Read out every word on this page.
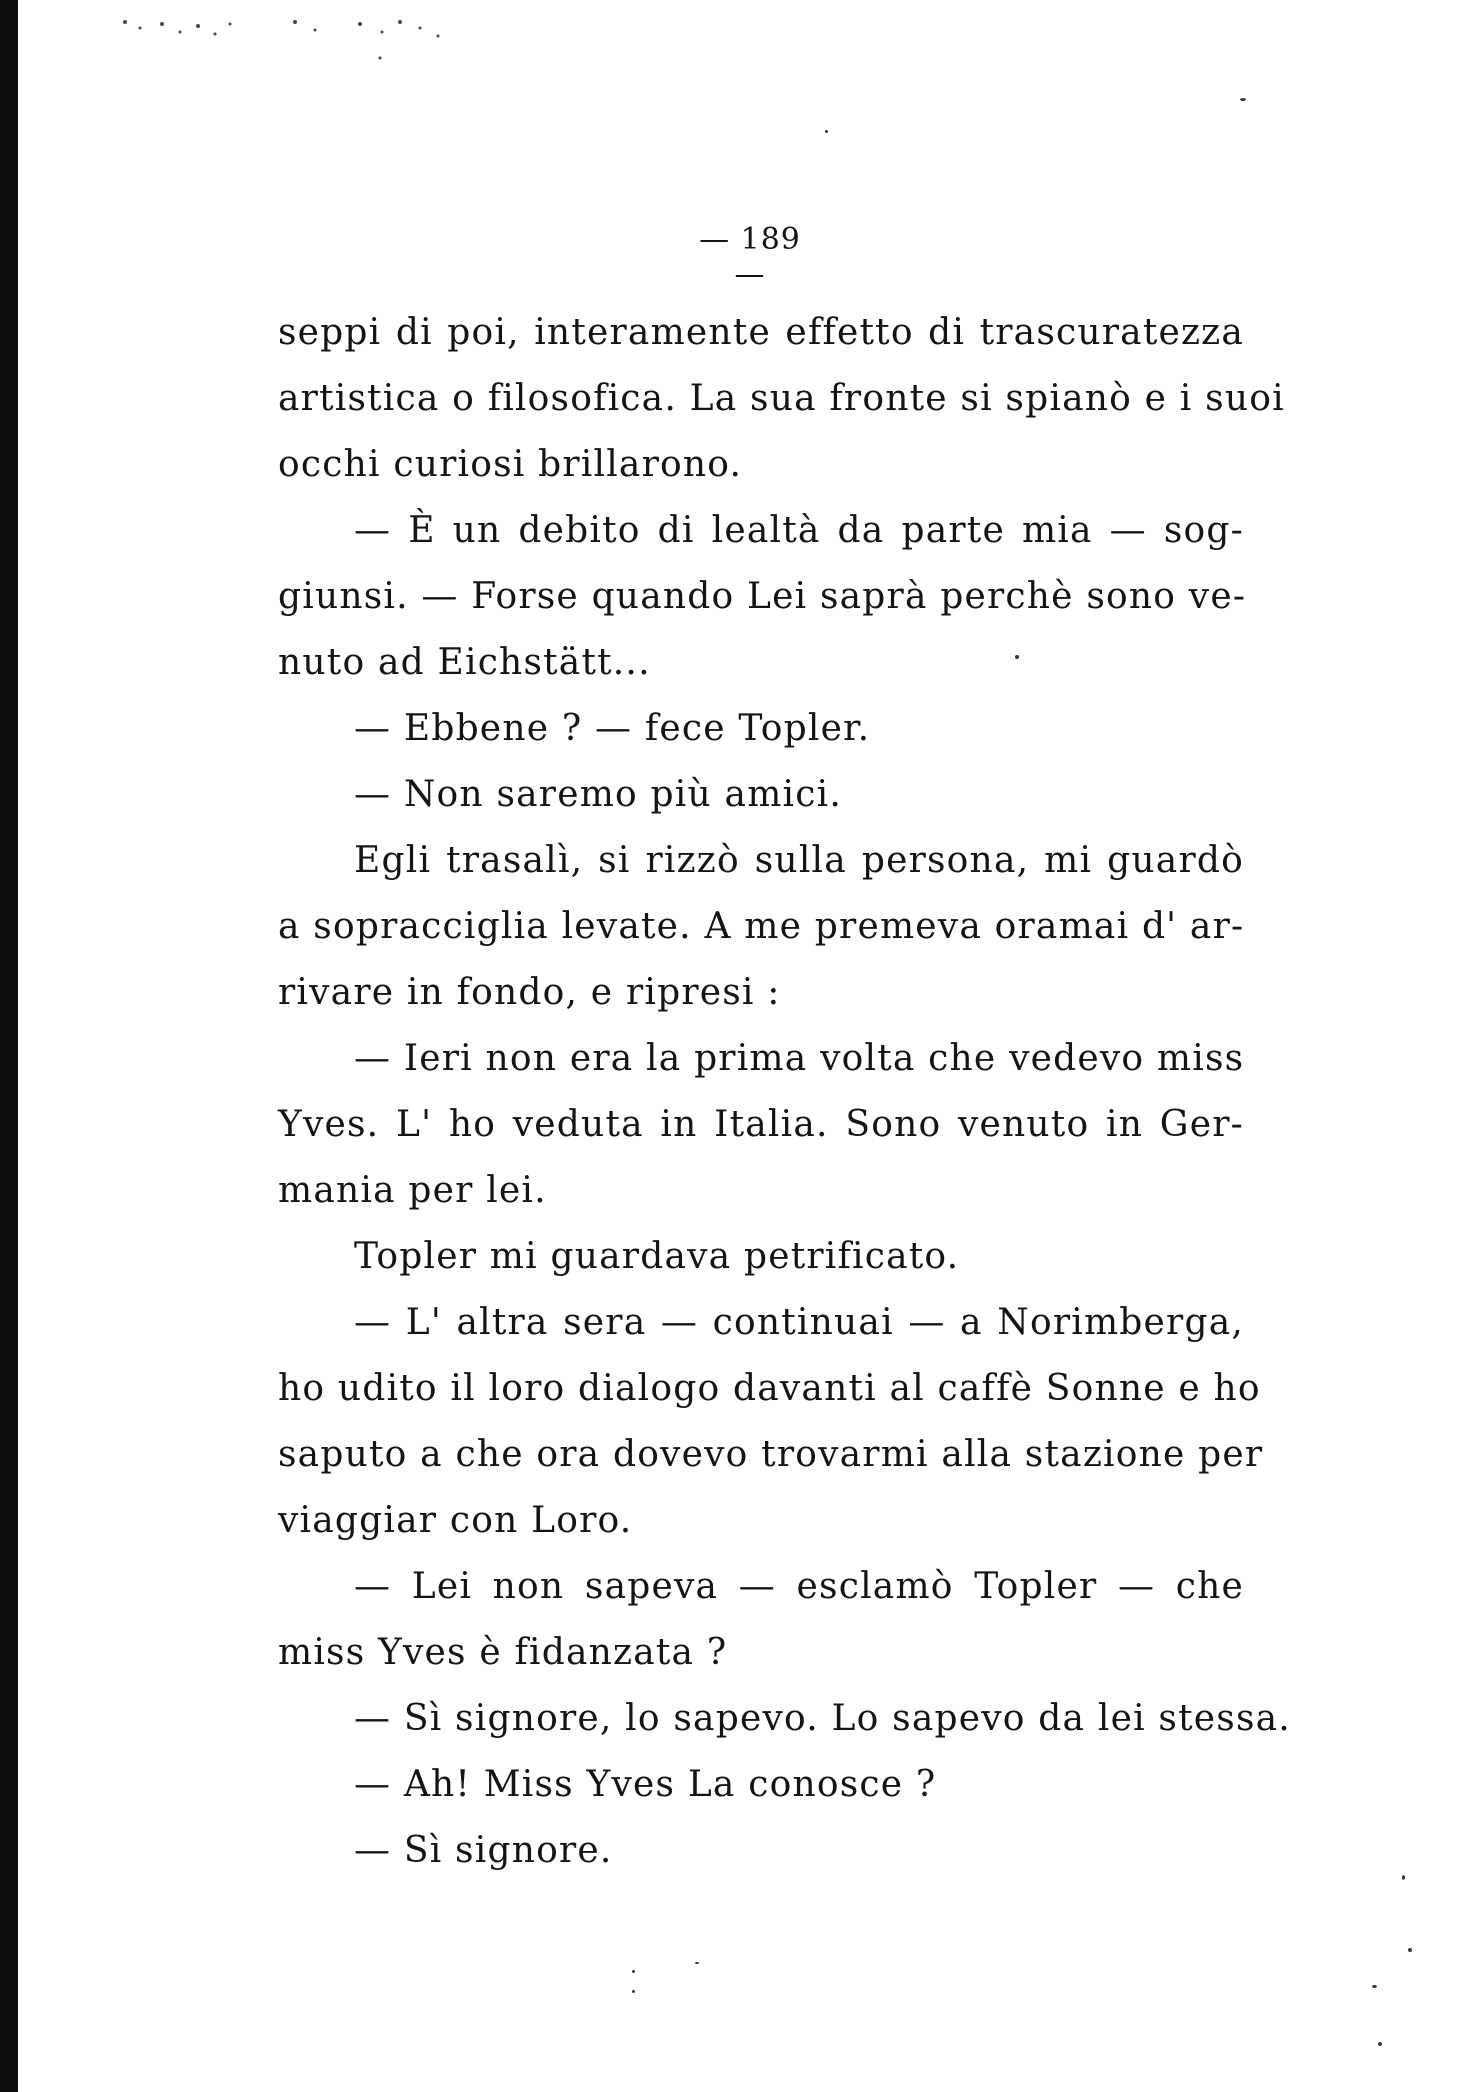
— 189 —
seppi di poi, interamente effetto di trascuratezza
artistica o filosofica. La sua fronte si spianò e i suoi
occhi curiosi brillarono.
— È un debito di lealtà da parte mia — sog-
giunsi. — Forse quando Lei saprà perchè sono ve-
nuto ad Eichstätt...
— Ebbene ? — fece Topler.
— Non saremo più amici.
Egli trasalì, si rizzò sulla persona, mi guardò
a sopracciglia levate. A me premeva oramai d' ar-
rivare in fondo, e ripresi :
— Ieri non era la prima volta che vedevo miss
Yves. L' ho veduta in Italia. Sono venuto in Ger-
mania per lei.
Topler mi guardava petrificato.
— L' altra sera — continuai — a Norimberga,
ho udito il loro dialogo davanti al caffè Sonne e ho
saputo a che ora dovevo trovarmi alla stazione per
viaggiar con Loro.
— Lei non sapeva — esclamò Topler — che
miss Yves è fidanzata ?
— Sì signore, lo sapevo. Lo sapevo da lei stessa.
— Ah! Miss Yves La conosce ?
— Sì signore.
